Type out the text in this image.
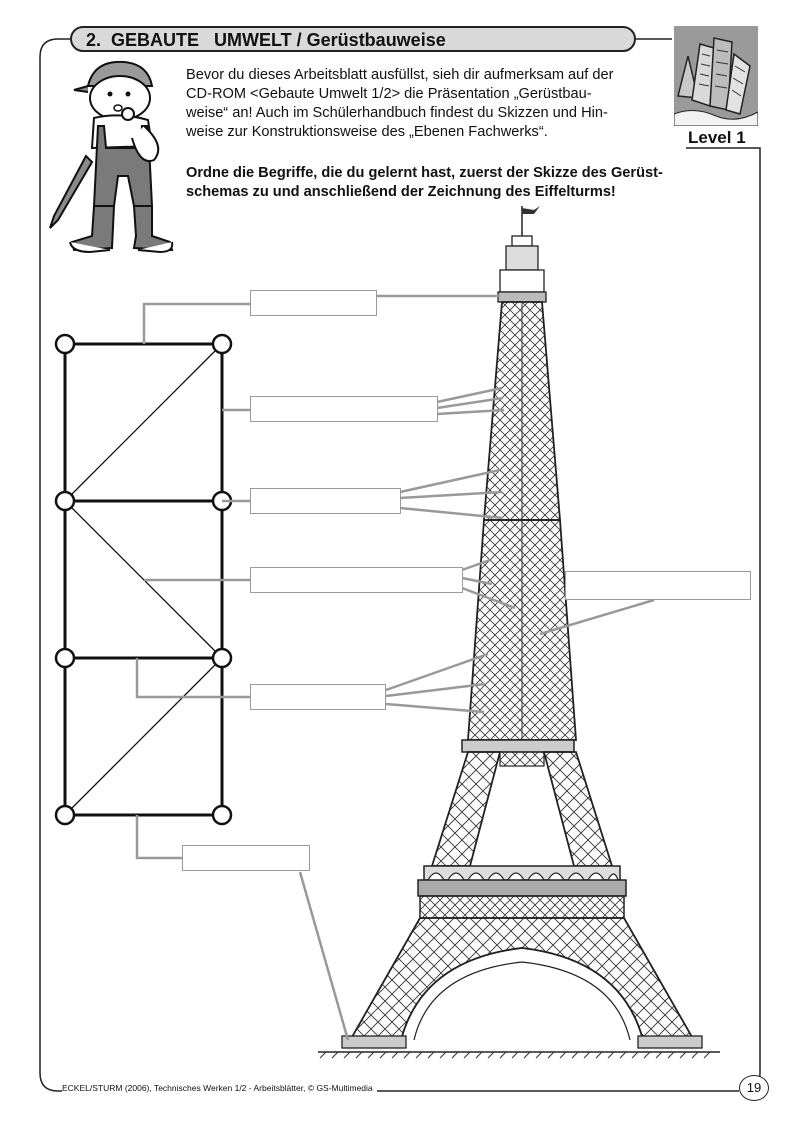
2.  GEBAUTE   UMWELT / Gerüstbauweise
Level 1
Bevor du dieses Arbeitsblatt ausfüllst, sieh dir aufmerksam auf der
CD-ROM <Gebaute Umwelt 1/2> die Präsentation „Gerüstbau-
weise“ an! Auch im Schülerhandbuch findest du Skizzen und Hin-
weise zur Konstruktionsweise des „Ebenen Fachwerks“.
Ordne die Begriffe, die du gelernt hast, zuerst der Skizze des Gerüst-
schemas zu und anschließend der Zeichnung des Eiffelturms!
ECKEL/STURM (2006), Technisches Werken 1/2 - Arbeitsblätter, © GS-Multimedia	19
